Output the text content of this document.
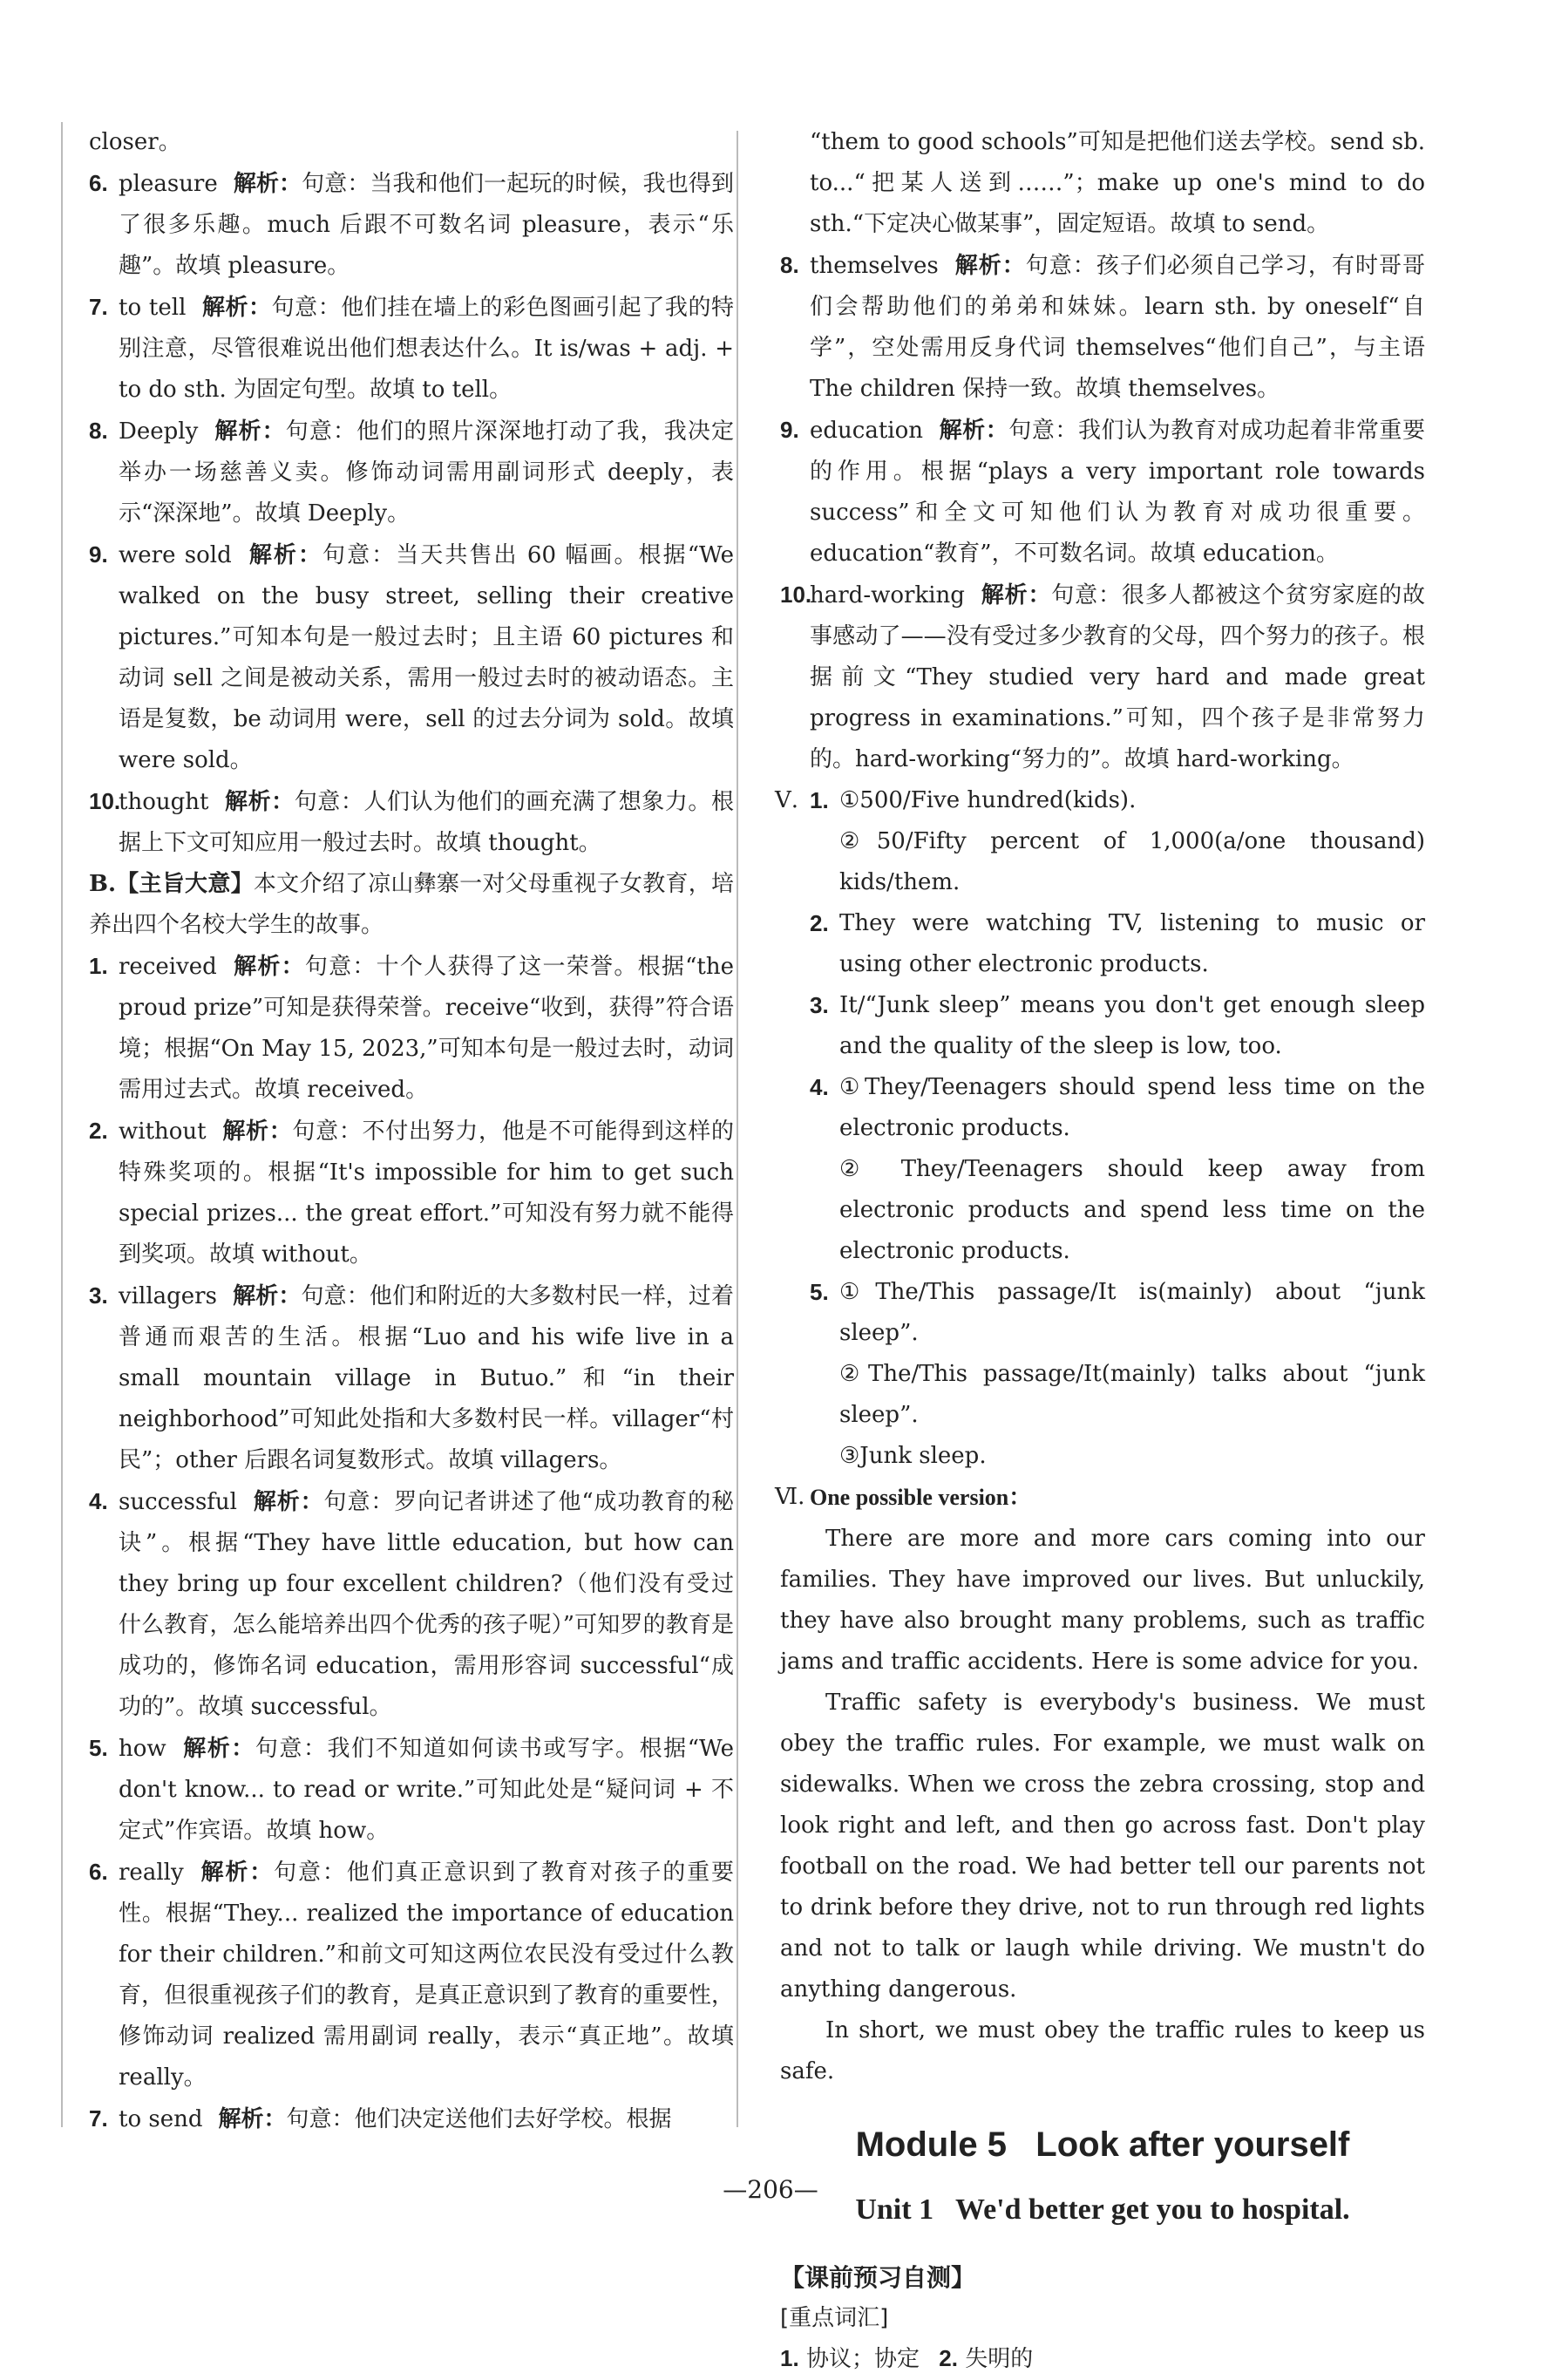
closer。
6. pleasure 解析：句意：当我和他们一起玩的时候，我也得到了很多乐趣。much 后跟不可数名词 pleasure，表示“乐趣”。故填 pleasure。
7. to tell 解析：句意：他们挂在墙上的彩色图画引起了我的特别注意，尽管很难说出他们想表达什么。It is/was + adj. + to do sth. 为固定句型。故填 to tell。
8. Deeply 解析：句意：他们的照片深深地打动了我，我决定举办一场慈善义卖。修饰动词需用副词形式 deeply，表示“深深地”。故填 Deeply。
9. were sold 解析：句意：当天共售出 60 幅画。根据“We walked on the busy street, selling their creative pictures.”可知本句是一般过去时；且主语 60 pictures 和动词 sell 之间是被动关系，需用一般过去时的被动语态。主语是复数，be 动词用 were，sell 的过去分词为 sold。故填 were sold。
10.
thought 解析：句意：人们认为他们的画充满了想象力。根据上下文可知应用一般过去时。故填 thought。
B.【主旨大意】本文介绍了凉山彝寨一对父母重视子女教育，培养出四个名校大学生的故事。
1. received 解析：句意：十个人获得了这一荣誉。根据“the proud prize”可知是获得荣誉。receive“收到，获得”符合语境；根据“On May 15, 2023,”可知本句是一般过去时，动词需用过去式。故填 received。
2. without 解析：句意：不付出努力，他是不可能得到这样的特殊奖项的。根据“It's impossible for him to get such special prizes... the great effort.”可知没有努力就不能得到奖项。故填 without。
3. villagers 解析：句意：他们和附近的大多数村民一样，过着普通而艰苦的生活。根据“Luo and his wife live in a small mountain village in Butuo.”和“in their neighborhood”可知此处指和大多数村民一样。villager“村民”；other 后跟名词复数形式。故填 villagers。
4. successful 解析：句意：罗向记者讲述了他“成功教育的秘诀”。根据“They have little education, but how can they bring up four excellent children?（他们没有受过什么教育，怎么能培养出四个优秀的孩子呢）”可知罗的教育是成功的，修饰名词 education，需用形容词 successful“成功的”。故填 successful。
5. how 解析：句意：我们不知道如何读书或写字。根据“We don't know... to read or write.”可知此处是“疑问词 + 不定式”作宾语。故填 how。
6. really 解析：句意：他们真正意识到了教育对孩子的重要性。根据“They... realized the importance of education for their children.”和前文可知这两位农民没有受过什么教育，但很重视孩子们的教育，是真正意识到了教育的重要性，修饰动词 realized 需用副词 really，表示“真正地”。故填 really。
7. to send 解析：句意：他们决定送他们去好学校。根据
“them to good schools”可知是把他们送去学校。send sb. to...“把某人送到……”；make up one's mind to do sth.“下定决心做某事”，固定短语。故填 to send。
8. themselves 解析：句意：孩子们必须自己学习，有时哥哥们会帮助他们的弟弟和妹妹。learn sth. by oneself“自学”，空处需用反身代词 themselves“他们自己”，与主语 The children 保持一致。故填 themselves。
9. education 解析：句意：我们认为教育对成功起着非常重要的作用。根据“plays a very important role towards success”和全文可知他们认为教育对成功很重要。education“教育”，不可数名词。故填 education。
10.
hard-working 解析：句意：很多人都被这个贫穷家庭的故事感动了——没有受过多少教育的父母，四个努力的孩子。根据前文“They studied very hard and made great progress in examinations.”可知，四个孩子是非常努力的。hard-working“努力的”。故填 hard-working。
Ⅴ. 1. ①500/Five hundred(kids).
②50/Fifty percent of 1,000(a/one thousand) kids/them.
2. They were watching TV, listening to music or using other electronic products.
3. It/“Junk sleep” means you don't get enough sleep and the quality of the sleep is low, too.
4. ①They/Teenagers should spend less time on the electronic products.
② They/Teenagers should keep away from electronic products and spend less time on the electronic products.
5. ①The/This passage/It is(mainly) about “junk sleep”.
②The/This passage/It(mainly) talks about “junk sleep”.
③Junk sleep.
Ⅵ. One possible version：
There are more and more cars coming into our families. They have improved our lives. But unluckily, they have also brought many problems, such as traffic jams and traffic accidents. Here is some advice for you.
Traffic safety is everybody's business. We must obey the traffic rules. For example, we must walk on sidewalks. When we cross the zebra crossing, stop and look right and left, and then go across fast. Don't play football on the road. We had better tell our parents not to drink before they drive, not to run through red lights and not to talk or laugh while driving. We mustn't do anything dangerous.
In short, we must obey the traffic rules to keep us safe.
Module 5   Look after yourself
Unit 1   We'd better get you to hospital.
【课前预习自测】
[重点词汇]
1. 协议；协定 2. 失明的
—206—
